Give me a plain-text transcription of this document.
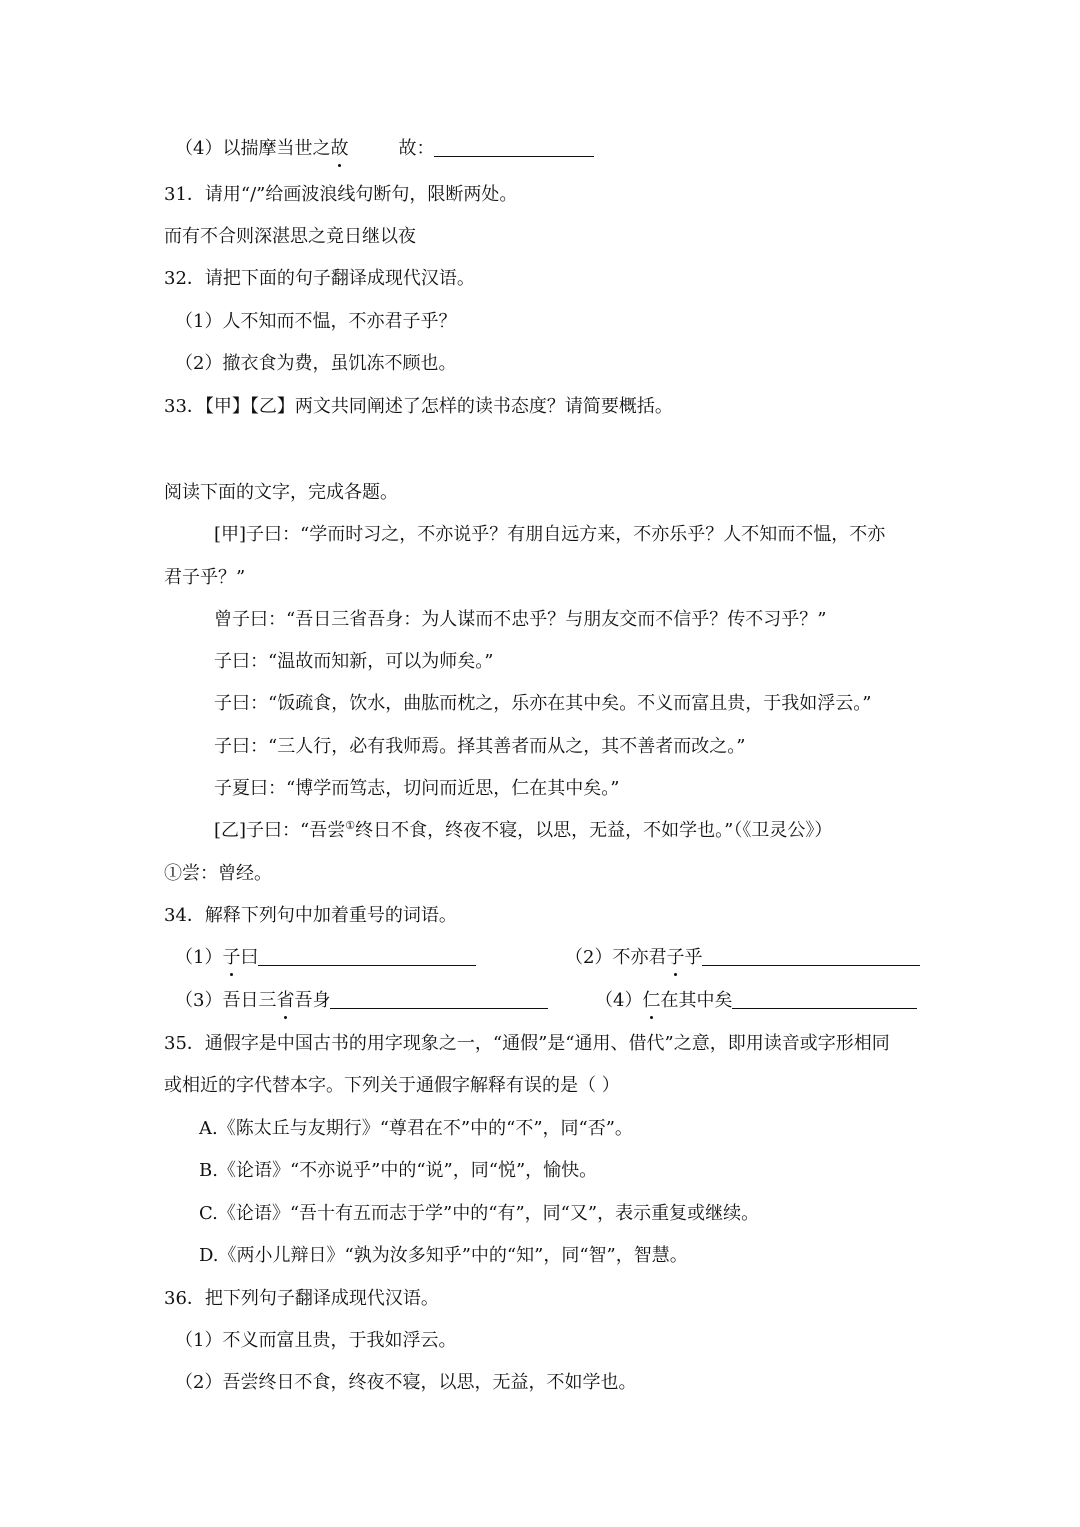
（4）以揣摩当世之故	故：
31．请用“/”给画波浪线句断句，限断两处。
而有不合则深湛思之竟日继以夜
32．请把下面的句子翻译成现代汉语。
（1）人不知而不愠，不亦君子乎？
（2）撤衣食为费，虽饥冻不顾也。
33．【甲】【乙】两文共同阐述了怎样的读书态度？请简要概括。
阅读下面的文字，完成各题。
[甲]子曰：“学而时习之，不亦说乎？有朋自远方来，不亦乐乎？人不知而不愠，不亦
君子乎？”
曾子曰：“吾日三省吾身：为人谋而不忠乎？与朋友交而不信乎？传不习乎？”
子曰：“温故而知新，可以为师矣。”
子曰：“饭疏食，饮水，曲肱而枕之，乐亦在其中矣。不义而富且贵，于我如浮云。”
子曰：“三人行，必有我师焉。择其善者而从之，其不善者而改之。”
子夏曰：“博学而笃志，切问而近思，仁在其中矣。”
[乙]子曰：“吾尝①终日不食，终夜不寝，以思，无益，不如学也。”（《卫灵公》）
①尝：曾经。
34．解释下列句中加着重号的词语。
（1）子曰	（2）不亦君子乎
（3）吾日三省吾身	（4）仁在其中矣
35．通假字是中国古书的用字现象之一，“通假”是“通用、借代”之意，即用读音或字形相同
或相近的字代替本字。下列关于通假字解释有误的是（ ）
A.《陈太丘与友期行》“尊君在不”中的“不”，同“否”。
B.《论语》“不亦说乎”中的“说”，同“悦”，愉快。
C.《论语》“吾十有五而志于学”中的“有”，同“又”，表示重复或继续。
D.《两小儿辩日》“孰为汝多知乎”中的“知”，同“智”，智慧。
36．把下列句子翻译成现代汉语。
（1）不义而富且贵，于我如浮云。
（2）吾尝终日不食，终夜不寝，以思，无益，不如学也。
